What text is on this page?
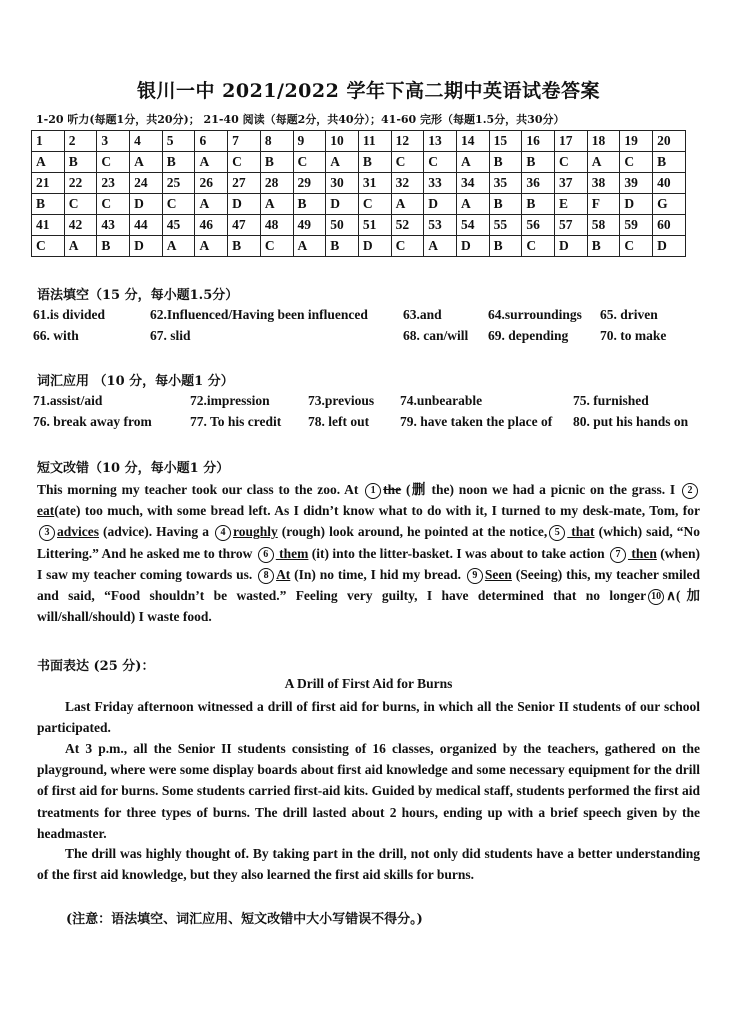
银川一中 2021/2022 学年下高二期中英语试卷答案
1-20 听力(每题1分，共20分)； 21-40 阅读（每题2分，共40分）；41-60 完形（每题1.5分，共30分）
1	2	3	4	5	6	7	8	9	10	11	12	13	14	15	16	17	18	19	20
A	B	C	A	B	A	C	B	C	A	B	C	C	A	B	B	C	A	C	B
21	22	23	24	25	26	27	28	29	30	31	32	33	34	35	36	37	38	39	40
B	C	C	D	C	A	D	A	B	D	C	A	D	A	B	B	E	F	D	G
41	42	43	44	45	46	47	48	49	50	51	52	53	54	55	56	57	58	59	60
C	A	B	D	A	A	B	C	A	B	D	C	A	D	B	C	D	B	C	D
语法填空（15 分，每小题1.5分）
61.is divided	62.Influenced/Having been influenced	63.and	64.surroundings 65. driven
66. with	67. slid	68. can/will 69. depending 70. to make
词汇应用 （10 分，每小题1 分）
71.assist/aid	72.impression	73.previous 74.unbearable	75. furnished
76. break away from	77. To his credit 78. left out 79. have taken the place of 80. put his hands on
短文改错（10 分，每小题1 分）
This morning my teacher took our class to the zoo. At 1 the (删 the) noon we had a picnic on the grass. I 2eat(ate) too much, with some bread left. As I didn’t know what to do with it, I turned to my desk-mate, Tom, for 3 advices (advice). Having a 4 roughly (rough) look around, he pointed at the notice, 5 that (which) said, “No Littering.” And he asked me to throw 6 them (it) into the litter-basket. I was about to take action 7 then (when) I saw my teacher coming towards us. 8 At (In) no time, I hid my bread. 9 Seen (Seeing) this, my teacher smiled and said, “Food shouldn’t be wasted.” Feeling very guilty, I have determined that no longer 10 ∧(加 will/shall/should) I waste food.
书面表达 (25 分)：
A Drill of First Aid for Burns
Last Friday afternoon witnessed a drill of first aid for burns, in which all the Senior II students of our school participated.
At 3 p.m., all the Senior II students consisting of 16 classes, organized by the teachers, gathered on the playground, where were some display boards about first aid knowledge and some necessary equipment for the drill of first aid for burns. Some students carried first-aid kits. Guided by medical staff, students performed the first aid treatments for three types of burns. The drill lasted about 2 hours, ending up with a brief speech given by the headmaster.
The drill was highly thought of. By taking part in the drill, not only did students have a better understanding of the first aid knowledge, but they also learned the first aid skills for burns.
(注意：语法填空、词汇应用、短文改错中大小写错误不得分。)
